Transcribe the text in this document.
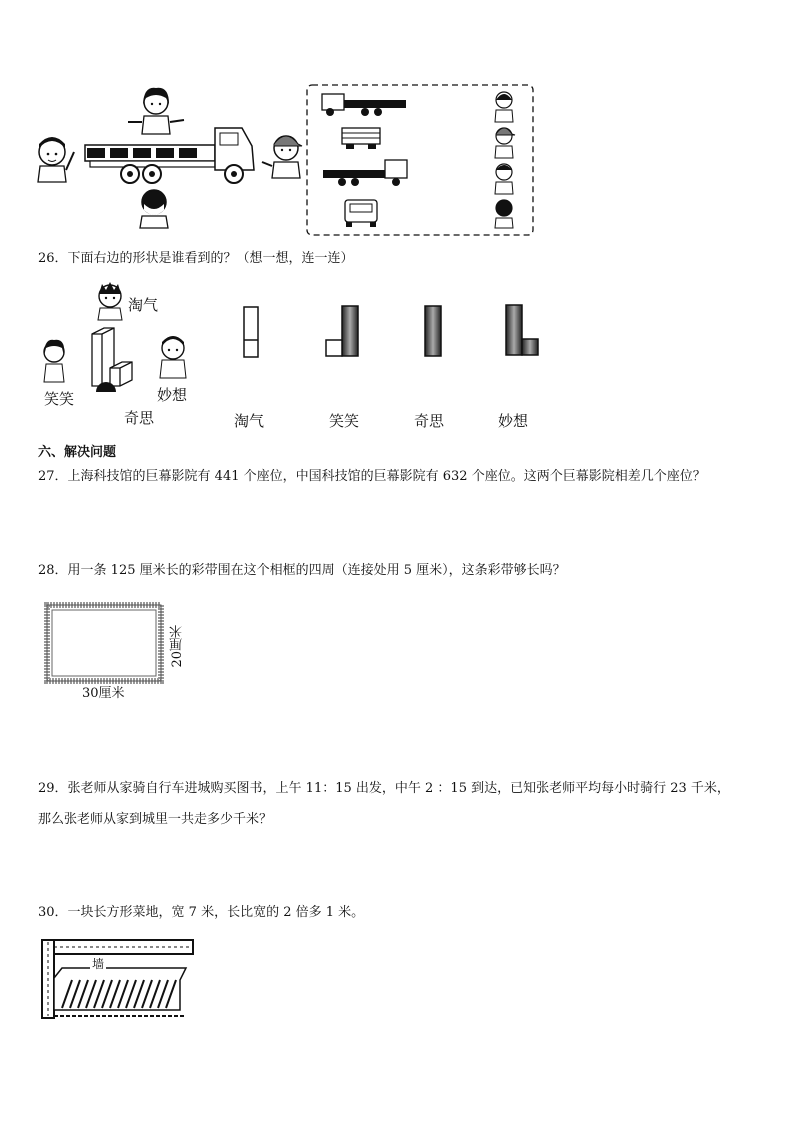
26．下面右边的形状是谁看到的？（想一想，连一连）
淘气
笑笑
奇思
妙想
淘气	笑笑	奇思	妙想
六、解决问题
27．上海科技馆的巨幕影院有 441 个座位，中国科技馆的巨幕影院有 632 个座位。这两个巨幕影院相差几个座位？
28．用一条 125 厘米长的彩带围在这个相框的四周（连接处用 5 厘米），这条彩带够长吗？
30厘米
20厘米
29．张老师从家骑自行车进城购买图书，上午 11：15 出发，中午 2 ：15 到达，已知张老师平均每小时骑行 23 千米，
那么张老师从家到城里一共走多少千米？
30．一块长方形菜地，宽 7 米，长比宽的 2 倍多 1 米。
墙
